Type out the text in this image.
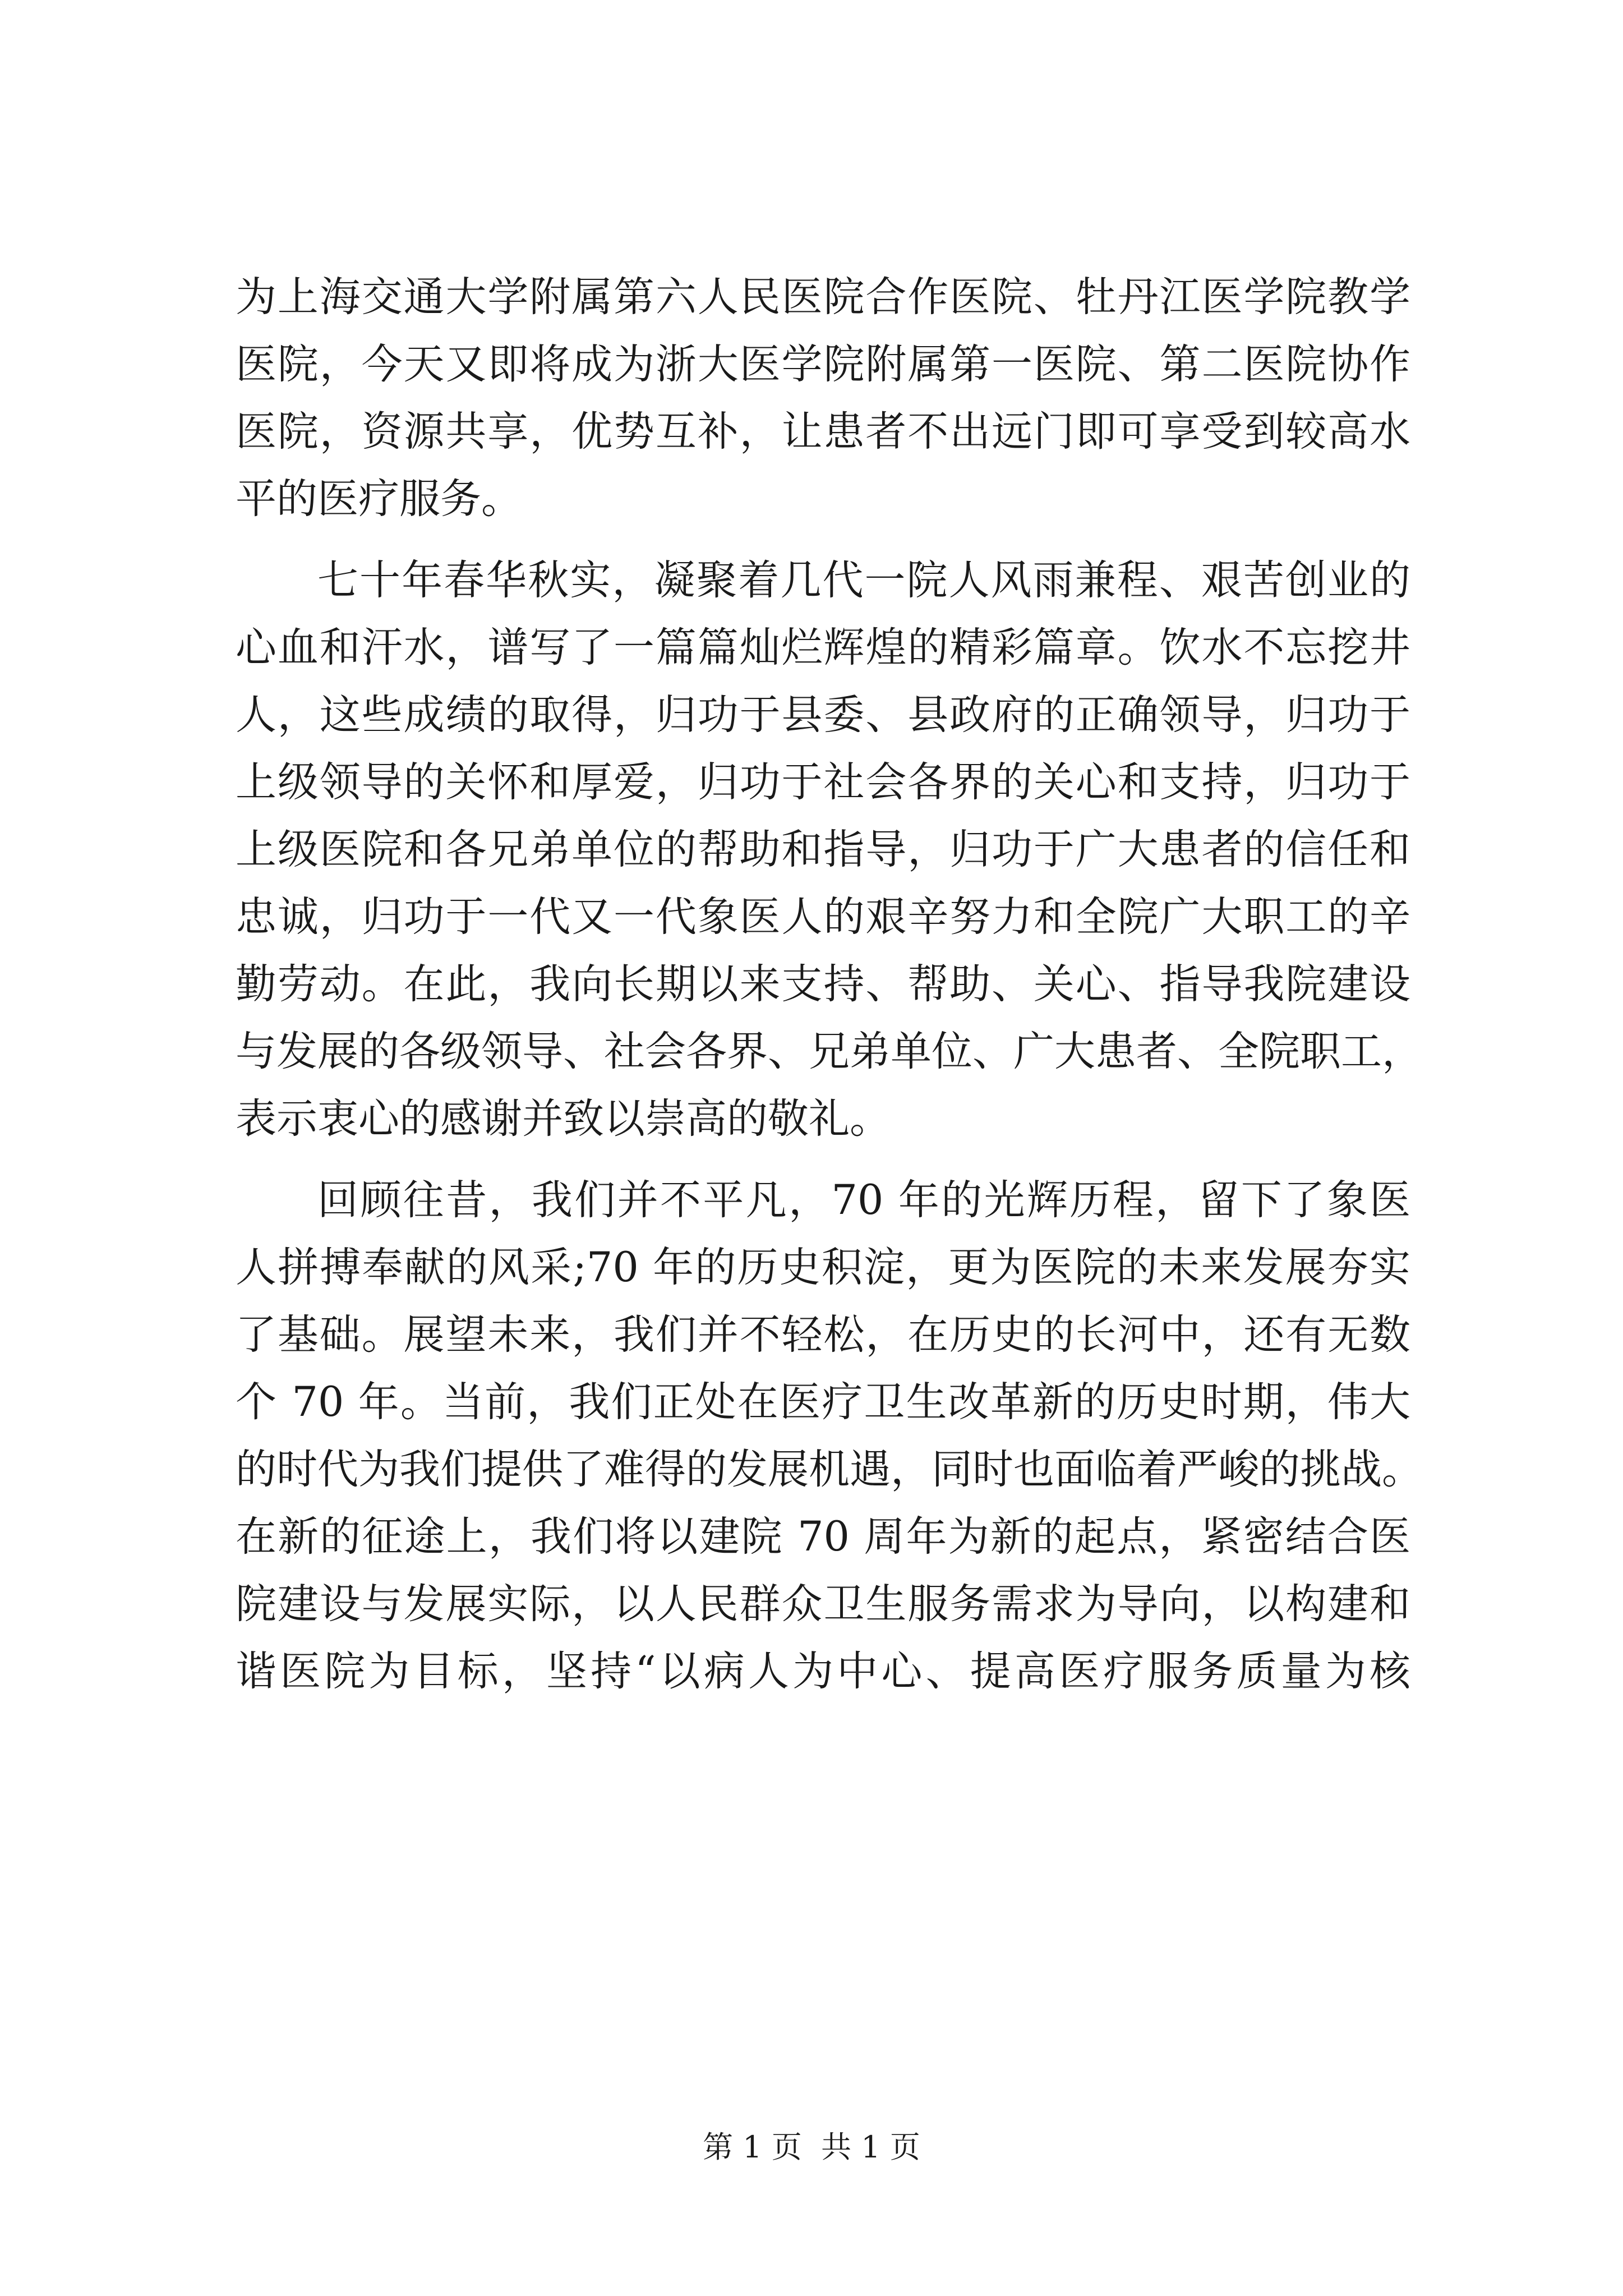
为上海交通大学附属第六人民医院合作医院、牡丹江医学院教学
医院，今天又即将成为浙大医学院附属第一医院、第二医院协作
医院，资源共享，优势互补，让患者不出远门即可享受到较高水
平的医疗服务。
七十年春华秋实，凝聚着几代一院人风雨兼程、艰苦创业的
心血和汗水，谱写了一篇篇灿烂辉煌的精彩篇章。饮水不忘挖井
人，这些成绩的取得，归功于县委、县政府的正确领导，归功于
上级领导的关怀和厚爱，归功于社会各界的关心和支持，归功于
上级医院和各兄弟单位的帮助和指导，归功于广大患者的信任和
忠诚，归功于一代又一代象医人的艰辛努力和全院广大职工的辛
勤劳动。在此，我向长期以来支持、帮助、关心、指导我院建设
与发展的各级领导、社会各界、兄弟单位、广大患者、全院职工，
表示衷心的感谢并致以崇高的敬礼。
回顾往昔，我们并不平凡，70 年的光辉历程，留下了象医
人拼搏奉献的风采;70 年的历史积淀，更为医院的未来发展夯实
了基础。展望未来，我们并不轻松，在历史的长河中，还有无数
个 70 年。当前，我们正处在医疗卫生改革新的历史时期，伟大
的时代为我们提供了难得的发展机遇，同时也面临着严峻的挑战。
在新的征途上，我们将以建院 70 周年为新的起点，紧密结合医
院建设与发展实际，以人民群众卫生服务需求为导向，以构建和
谐医院为目标，坚持“以病人为中心、提高医疗服务质量为核
第 1 页  共 1 页
